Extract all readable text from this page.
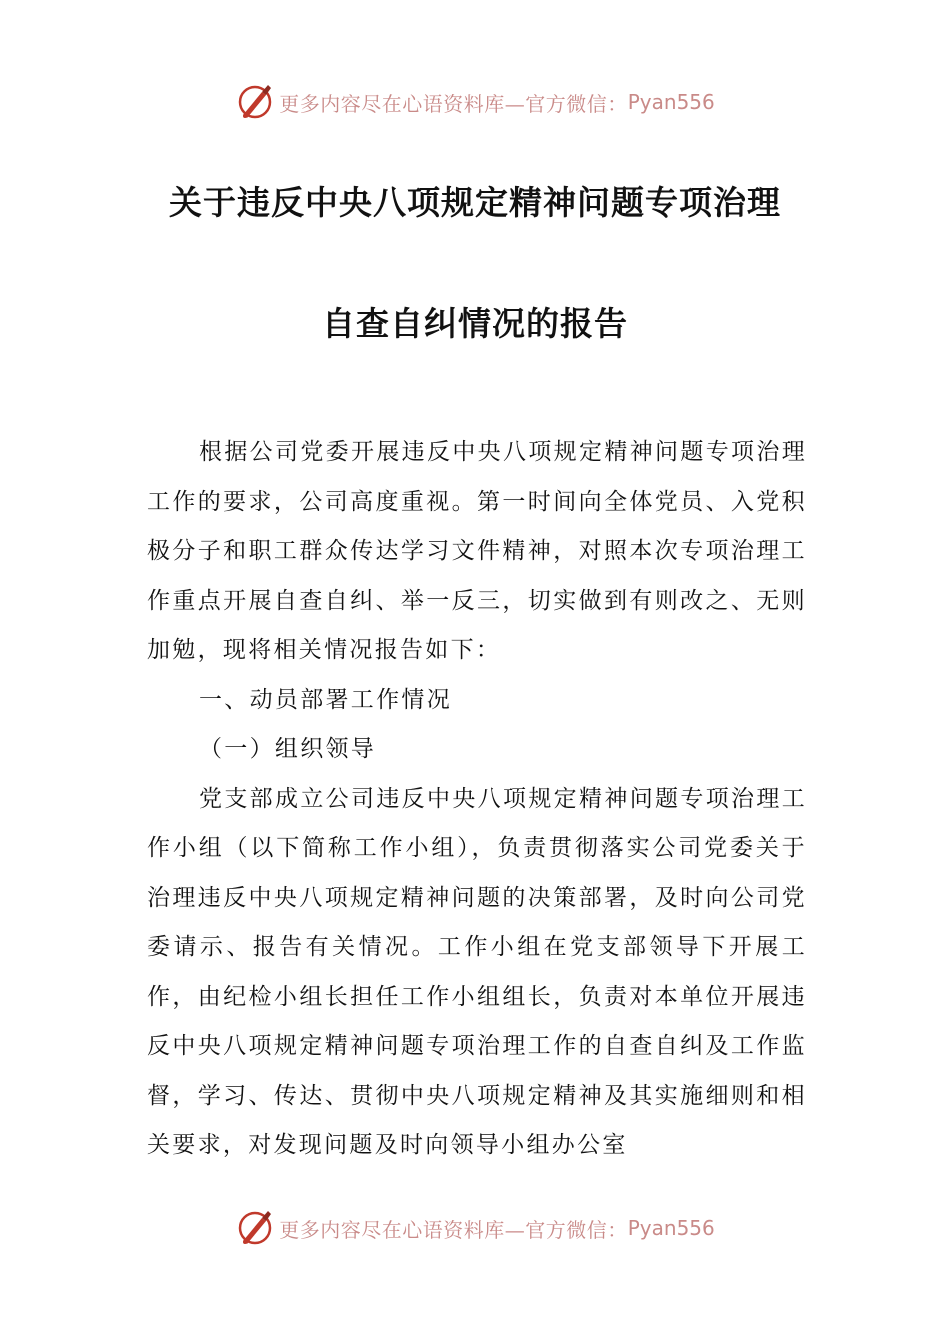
更多内容尽在心语资料库—官方微信： Pyan556
关于违反中央八项规定精神问题专项治理
自查自纠情况的报告

根据公司党委开展违反中央八项规定精神问题专项治理工作的要求，公司高度重视。第一时间向全体党员、入党积极分子和职工群众传达学习文件精神，对照本次专项治理工作重点开展自查自纠、举一反三，切实做到有则改之、无则加勉，现将相关情况报告如下：

一、动员部署工作情况

（一）组织领导

党支部成立公司违反中央八项规定精神问题专项治理工作小组（以下简称工作小组），负责贯彻落实公司党委关于治理违反中央八项规定精神问题的决策部署，及时向公司党委请示、报告有关情况。工作小组在党支部领导下开展工作，由纪检小组长担任工作小组组长，负责对本单位开展违反中央八项规定精神问题专项治理工作的自查自纠及工作监督，学习、传达、贯彻中央八项规定精神及其实施细则和相关要求，对发现问题及时向领导小组办公室

更多内容尽在心语资料库—官方微信： Pyan556
